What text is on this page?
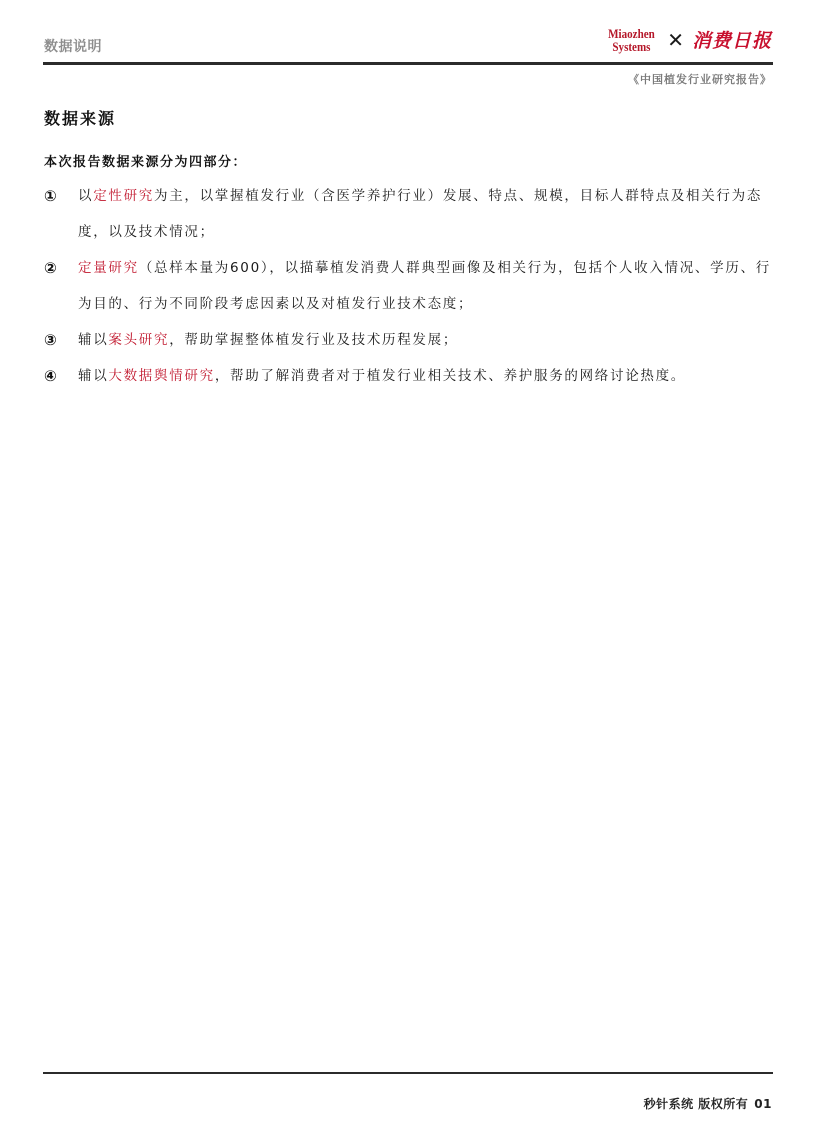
数据说明
Miaozhen
Systems ✕ 消费日报
《中国植发行业研究报告》
数据来源
本次报告数据来源分为四部分：
① 以定性研究为主，以掌握植发行业（含医学养护行业）发展、特点、规模，目标人群特点及相关行为态度，以及技术情况；
② 定量研究（总样本量为600），以描摹植发消费人群典型画像及相关行为，包括个人收入情况、学历、行为目的、行为不同阶段考虑因素以及对植发行业技术态度；
③ 辅以案头研究，帮助掌握整体植发行业及技术历程发展；
④ 辅以大数据舆情研究，帮助了解消费者对于植发行业相关技术、养护服务的网络讨论热度。
秒针系统 版权所有 01
